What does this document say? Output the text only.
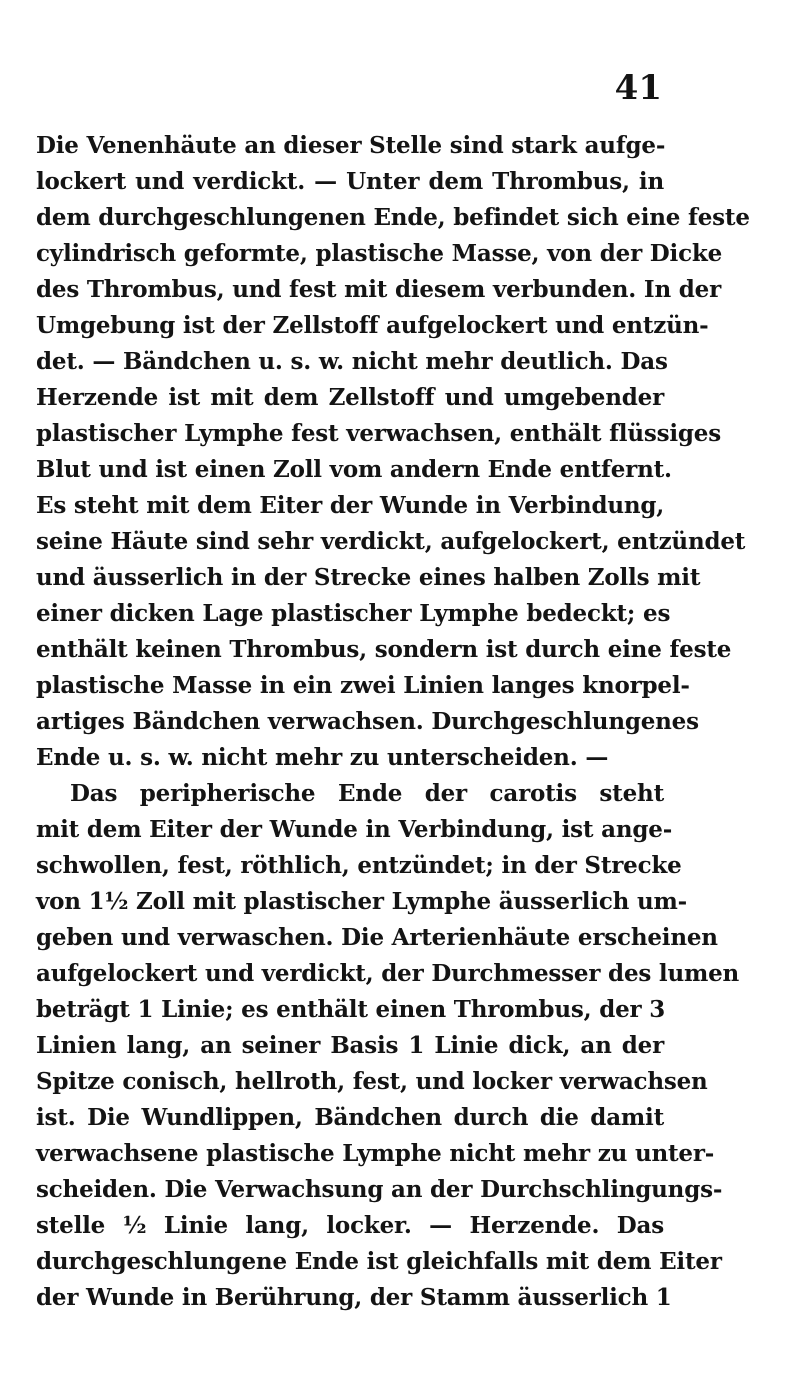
41
Die Venenhäute an dieser Stelle sind stark aufge-
lockert und verdickt. — Unter dem Thrombus, in
dem durchgeschlungenen Ende, befindet sich eine feste
cylindrisch geformte, plastische Masse, von der Dicke
des Thrombus, und fest mit diesem verbunden. In der
Umgebung ist der Zellstoff aufgelockert und entzün-
det. — Bändchen u. s. w. nicht mehr deutlich. Das
Herzende ist mit dem Zellstoff und umgebender
plastischer Lymphe fest verwachsen, enthält flüssiges
Blut und ist einen Zoll vom andern Ende entfernt.
Es steht mit dem Eiter der Wunde in Verbindung,
seine Häute sind sehr verdickt, aufgelockert, entzündet
und äusserlich in der Strecke eines halben Zolls mit
einer dicken Lage plastischer Lymphe bedeckt; es
enthält keinen Thrombus, sondern ist durch eine feste
plastische Masse in ein zwei Linien langes knorpel-
artiges Bändchen verwachsen. Durchgeschlungenes
Ende u. s. w. nicht mehr zu unterscheiden. —
Das peripherische Ende der carotis steht
mit dem Eiter der Wunde in Verbindung, ist ange-
schwollen, fest, röthlich, entzündet; in der Strecke
von 1½ Zoll mit plastischer Lymphe äusserlich um-
geben und verwaschen. Die Arterienhäute erscheinen
aufgelockert und verdickt, der Durchmesser des lumen
beträgt 1 Linie; es enthält einen Thrombus, der 3
Linien lang, an seiner Basis 1 Linie dick, an der
Spitze conisch, hellroth, fest, und locker verwachsen
ist. Die Wundlippen, Bändchen durch die damit
verwachsene plastische Lymphe nicht mehr zu unter-
scheiden. Die Verwachsung an der Durchschlingungs-
stelle ½ Linie lang, locker. — Herzende. Das
durchgeschlungene Ende ist gleichfalls mit dem Eiter
der Wunde in Berührung, der Stamm äusserlich 1
